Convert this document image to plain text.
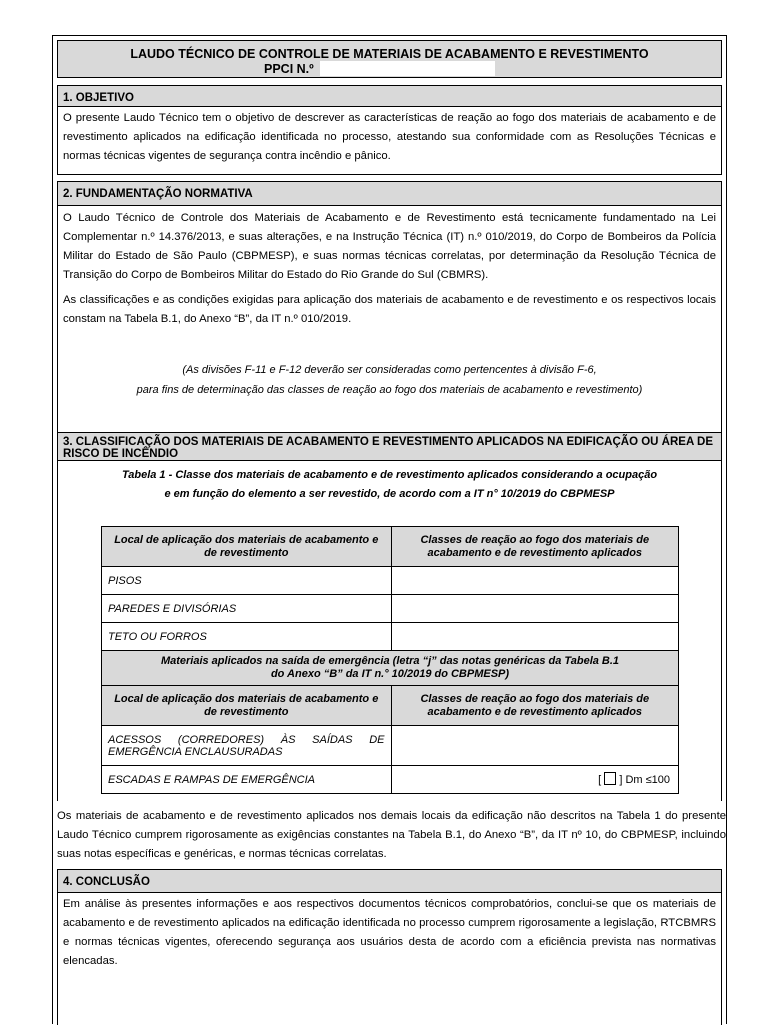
LAUDO TÉCNICO DE CONTROLE DE MATERIAIS DE ACABAMENTO E REVESTIMENTO
PPCI N.º
1. OBJETIVO
O presente Laudo Técnico tem o objetivo de descrever as características de reação ao fogo dos materiais de acabamento e de revestimento aplicados na edificação identificada no processo, atestando sua conformidade com as Resoluções Técnicas e normas técnicas vigentes de segurança contra incêndio e pânico.
2. FUNDAMENTAÇÃO NORMATIVA
O Laudo Técnico de Controle dos Materiais de Acabamento e de Revestimento está tecnicamente fundamentado na Lei Complementar n.º 14.376/2013, e suas alterações, e na Instrução Técnica (IT) n.º 010/2019, do Corpo de Bombeiros da Polícia Militar do Estado de São Paulo (CBPMESP), e suas normas técnicas correlatas, por determinação da Resolução Técnica de Transição do Corpo de Bombeiros Militar do Estado do Rio Grande do Sul (CBMRS).
As classificações e as condições exigidas para aplicação dos materiais de acabamento e de revestimento e os respectivos locais constam na Tabela B.1, do Anexo “B”, da IT n.º 010/2019.
(As divisões F-11 e F-12 deverão ser consideradas como pertencentes à divisão F-6,
para fins de determinação das classes de reação ao fogo dos materiais de acabamento e revestimento)
3. CLASSIFICAÇÃO DOS MATERIAIS DE ACABAMENTO E REVESTIMENTO APLICADOS NA EDIFICAÇÃO OU ÁREA DE RISCO DE INCÊNDIO
Tabela 1 - Classe dos materiais de acabamento e de revestimento aplicados considerando a ocupação
e em função do elemento a ser revestido, de acordo com a IT n° 10/2019 do CBPMESP
Local de aplicação dos materiais de acabamento e de revestimento	Classes de reação ao fogo dos materiais de acabamento e de revestimento aplicados
PISOS	
PAREDES E DIVISÓRIAS	
TETO OU FORROS	

Materiais aplicados na saída de emergência (letra “j” das notas genéricas da Tabela B.1
do Anexo “B” da IT n.° 10/2019 do CBPMESP)	

Local de aplicação dos materiais de acabamento e de revestimento	Classes de reação ao fogo dos materiais de acabamento e de revestimento aplicados
ACESSOS (CORREDORES) ÀS SAÍDAS DE EMERGÊNCIA ENCLAUSURADAS	
ESCADAS E RAMPAS DE EMERGÊNCIA	[ ] Dm ≤100
Os materiais de acabamento e de revestimento aplicados nos demais locais da edificação não descritos na Tabela 1 do presente Laudo Técnico cumprem rigorosamente as exigências constantes na Tabela B.1, do Anexo “B”, da IT nº 10, do CBPMESP, incluindo suas notas específicas e genéricas, e normas técnicas correlatas.
4. CONCLUSÃO
Em análise às presentes informações e aos respectivos documentos técnicos comprobatórios, conclui-se que os materiais de acabamento e de revestimento aplicados na edificação identificada no processo cumprem rigorosamente a legislação, RTCBMRS e normas técnicas vigentes, oferecendo segurança aos usuários desta de acordo com a eficiência prevista nas normativas elencadas.
